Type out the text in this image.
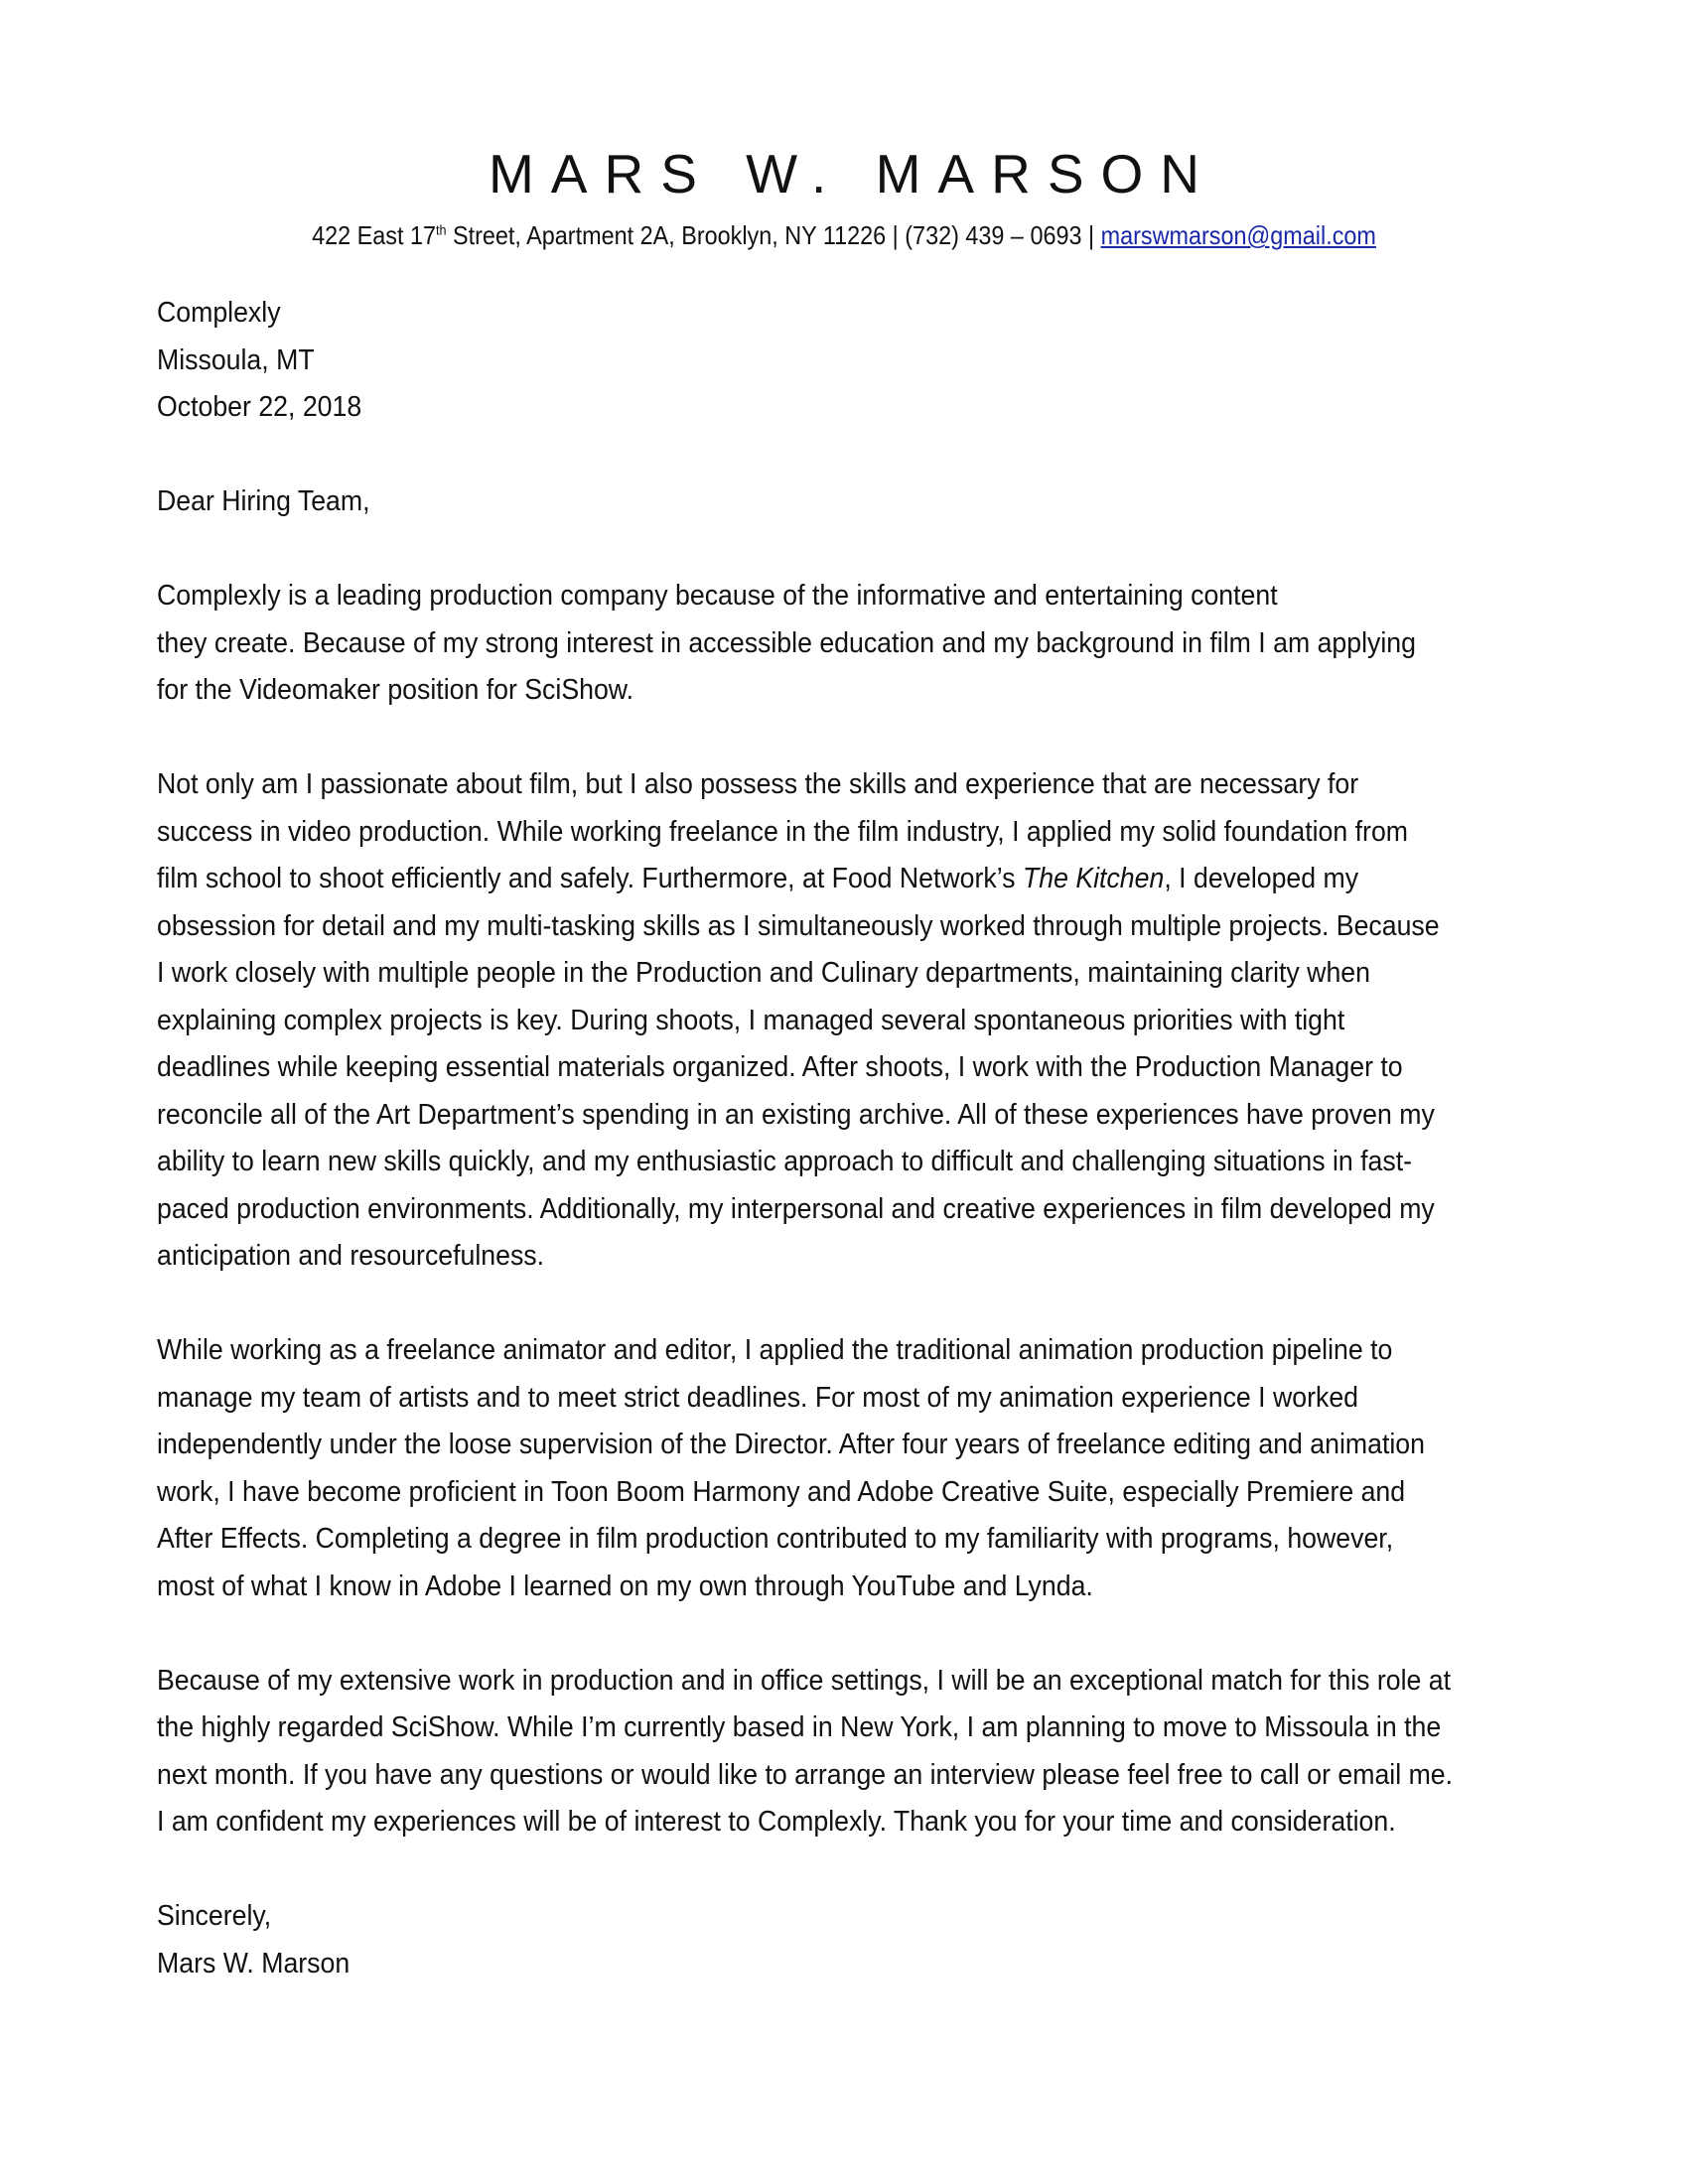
MARS W. MARSON
422 East 17th Street, Apartment 2A, Brooklyn, NY 11226 | (732) 439 – 0693 | marswmarson@gmail.com

Complexly
Missoula, MT
October 22, 2018

Dear Hiring Team,

Complexly is a leading production company because of the informative and entertaining content
they create. Because of my strong interest in accessible education and my background in film I am applying
for the Videomaker position for SciShow.

Not only am I passionate about film, but I also possess the skills and experience that are necessary for
success in video production. While working freelance in the film industry, I applied my solid foundation from
film school to shoot efficiently and safely. Furthermore, at Food Network’s The Kitchen, I developed my
obsession for detail and my multi-tasking skills as I simultaneously worked through multiple projects. Because
I work closely with multiple people in the Production and Culinary departments, maintaining clarity when
explaining complex projects is key. During shoots, I managed several spontaneous priorities with tight
deadlines while keeping essential materials organized. After shoots, I work with the Production Manager to
reconcile all of the Art Department’s spending in an existing archive. All of these experiences have proven my
ability to learn new skills quickly, and my enthusiastic approach to difficult and challenging situations in fast-
paced production environments. Additionally, my interpersonal and creative experiences in film developed my
anticipation and resourcefulness.

While working as a freelance animator and editor, I applied the traditional animation production pipeline to
manage my team of artists and to meet strict deadlines. For most of my animation experience I worked
independently under the loose supervision of the Director. After four years of freelance editing and animation
work, I have become proficient in Toon Boom Harmony and Adobe Creative Suite, especially Premiere and
After Effects. Completing a degree in film production contributed to my familiarity with programs, however,
most of what I know in Adobe I learned on my own through YouTube and Lynda.

Because of my extensive work in production and in office settings, I will be an exceptional match for this role at
the highly regarded SciShow. While I’m currently based in New York, I am planning to move to Missoula in the
next month. If you have any questions or would like to arrange an interview please feel free to call or email me.
I am confident my experiences will be of interest to Complexly. Thank you for your time and consideration.

Sincerely,
Mars W. Marson
